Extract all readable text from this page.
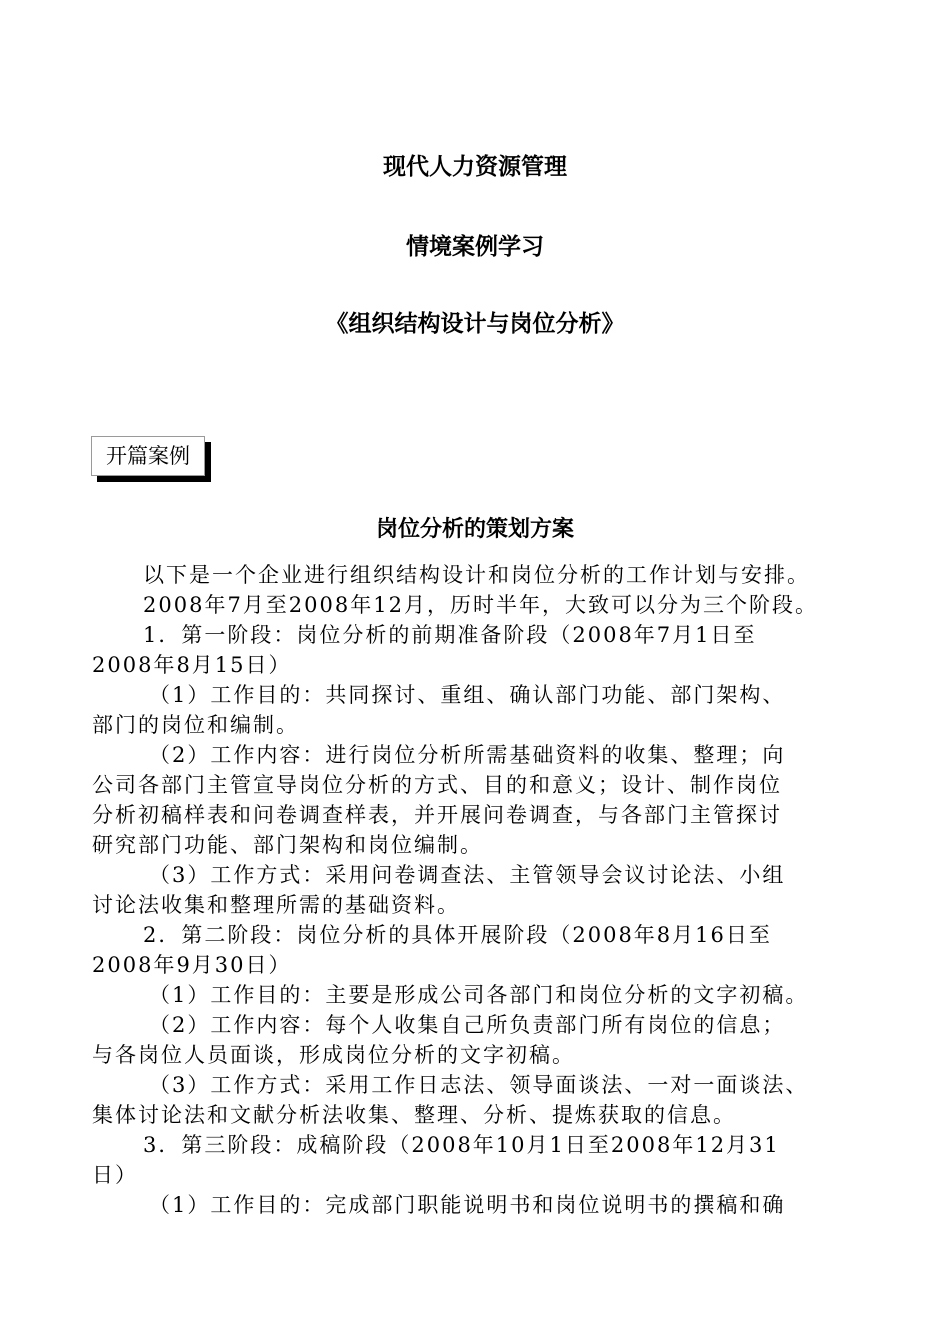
现代人力资源管理
情境案例学习
《组织结构设计与岗位分析》
开篇案例
岗位分析的策划方案
以下是一个企业进行组织结构设计和岗位分析的工作计划与安排。
2008年7月至2008年12月，历时半年，大致可以分为三个阶段。
1．第一阶段：岗位分析的前期准备阶段（2008年7月1日至
2008年8月15日）
（1）工作目的：共同探讨、重组、确认部门功能、部门架构、
部门的岗位和编制。
（2）工作内容：进行岗位分析所需基础资料的收集、整理；向
公司各部门主管宣导岗位分析的方式、目的和意义；设计、制作岗位
分析初稿样表和问卷调查样表，并开展问卷调查，与各部门主管探讨
研究部门功能、部门架构和岗位编制。
（3）工作方式：采用问卷调查法、主管领导会议讨论法、小组
讨论法收集和整理所需的基础资料。
2．第二阶段：岗位分析的具体开展阶段（2008年8月16日至
2008年9月30日）
（1）工作目的：主要是形成公司各部门和岗位分析的文字初稿。
（2）工作内容：每个人收集自己所负责部门所有岗位的信息；
与各岗位人员面谈，形成岗位分析的文字初稿。
（3）工作方式：采用工作日志法、领导面谈法、一对一面谈法、
集体讨论法和文献分析法收集、整理、分析、提炼获取的信息。
3．第三阶段：成稿阶段（2008年10月1日至2008年12月31
日）
（1）工作目的：完成部门职能说明书和岗位说明书的撰稿和确
